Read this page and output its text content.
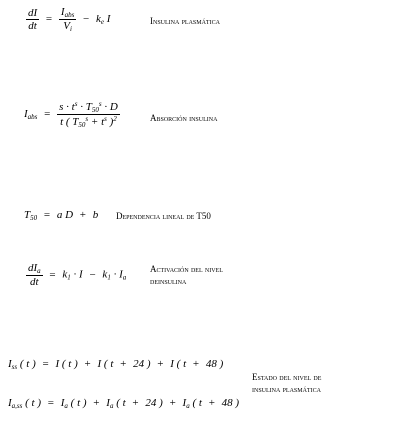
$\frac{dI}{dt} = \frac{I_{abs}}{V_i} - k_e$ I	Insulina plasmática
$I_{abs} = \frac{s \cdot t^s \cdot T_{50}^s \cdot D}{t ( T_{50}^s + t^s )^2}$	Absorción insulina
$T_{50} = a$ D + b Dependencia lineal de T50
$\frac{dI_a}{dt} = k_1 \cdot I - k_1 \cdot I_a$
Activación del nivel
deinsulina
$I_{ss}$ ( t ) = I ( t ) + I ( t + 24 ) + I ( t + 48 )
$I_{a,ss}$ ( t ) = $I_a$ ( t ) + $I_a$ ( t + 24 ) + $I_a$ ( t + 48 )
Estado del nivel de
insulina plasmática
